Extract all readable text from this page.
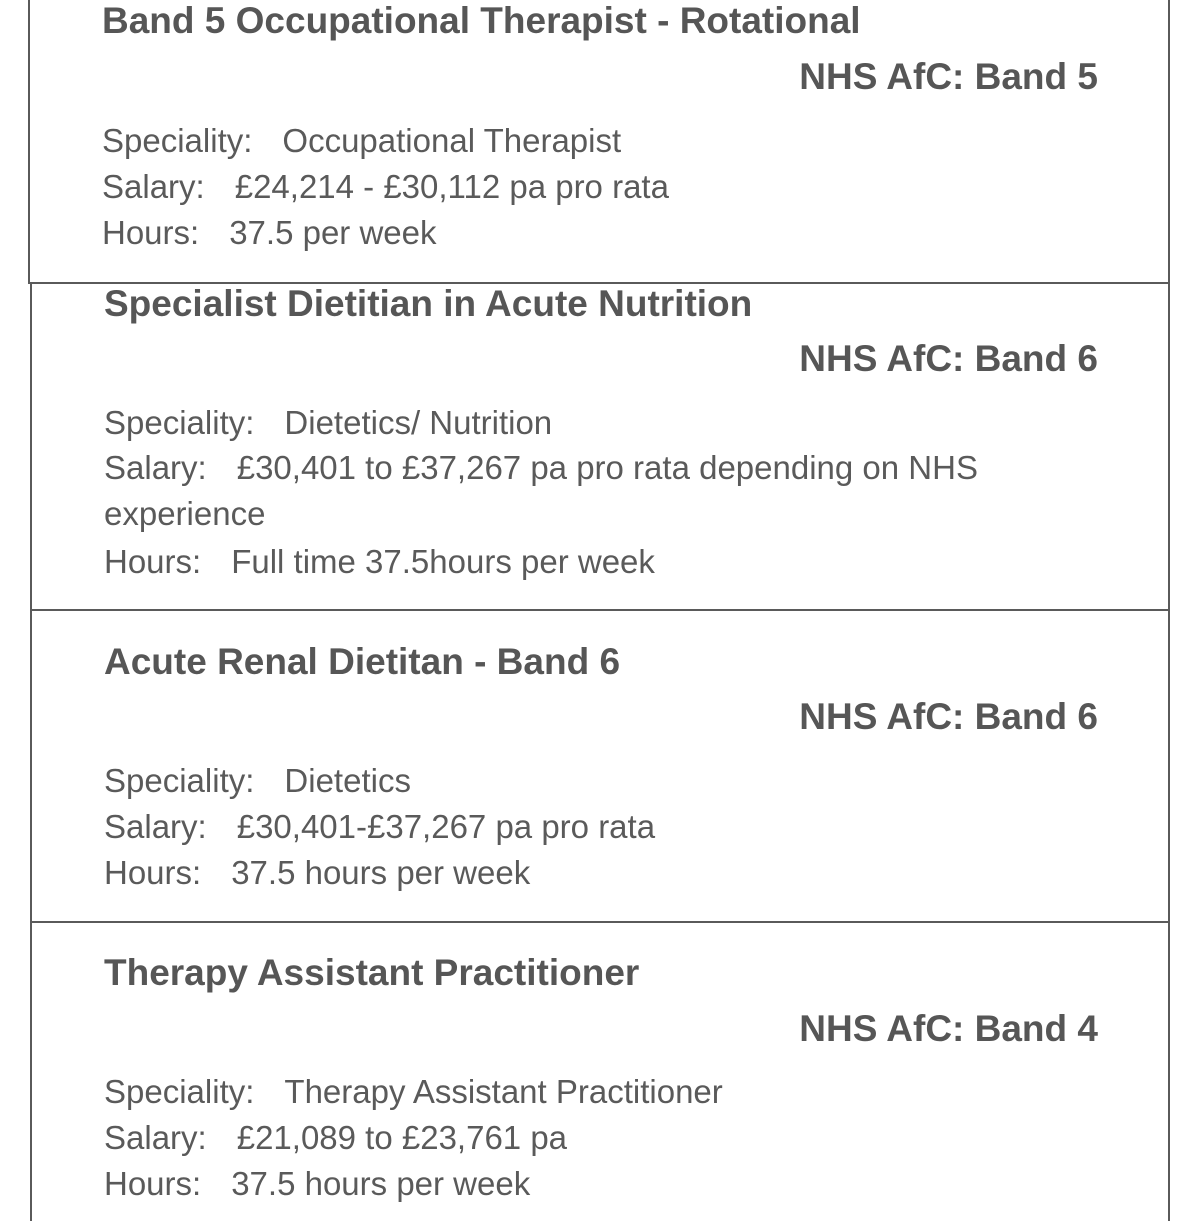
Band 5 Occupational Therapist - Rotational
NHS AfC: Band 5
Speciality: Occupational Therapist
Salary: £24,214 - £30,112 pa pro rata
Hours: 37.5 per week
Specialist Dietitian in Acute Nutrition
NHS AfC: Band 6
Speciality: Dietetics/ Nutrition
Salary: £30,401 to £37,267 pa pro rata depending on NHS experience
Hours: Full time 37.5hours per week
Acute Renal Dietitan - Band 6
NHS AfC: Band 6
Speciality: Dietetics
Salary: £30,401-£37,267 pa pro rata
Hours: 37.5 hours per week
Therapy Assistant Practitioner
NHS AfC: Band 4
Speciality: Therapy Assistant Practitioner
Salary: £21,089 to £23,761 pa
Hours: 37.5 hours per week
